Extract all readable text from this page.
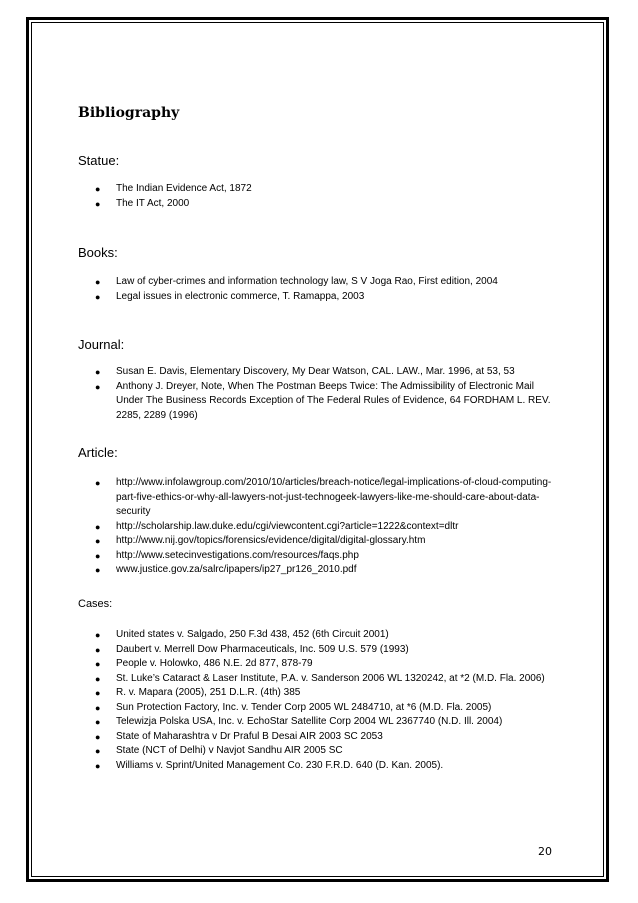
Bibliography
Statue:
● The Indian Evidence Act, 1872
● The IT Act, 2000
Books:
● Law of cyber-crimes and information technology law, S V Joga Rao, First edition, 2004
● Legal issues in electronic commerce, T. Ramappa, 2003
Journal:
● Susan E. Davis, Elementary Discovery, My Dear Watson, CAL. LAW., Mar. 1996, at 53, 53
● Anthony J. Dreyer, Note, When The Postman Beeps Twice: The Admissibility of Electronic Mail Under The Business Records Exception of The Federal Rules of Evidence, 64 FORDHAM L. REV. 2285, 2289 (1996)
Article:
● http://www.infolawgroup.com/2010/10/articles/breach-notice/legal-implications-of-cloud-computing-part-five-ethics-or-why-all-lawyers-not-just-technogeek-lawyers-like-me-should-care-about-data-security
● http://scholarship.law.duke.edu/cgi/viewcontent.cgi?article=1222&context=dltr
● http://www.nij.gov/topics/forensics/evidence/digital/digital-glossary.htm
● http://www.setecinvestigations.com/resources/faqs.php
● www.justice.gov.za/salrc/ipapers/ip27_pr126_2010.pdf
Cases:
● United states v. Salgado, 250 F.3d 438, 452 (6th Circuit 2001)
● Daubert v. Merrell Dow Pharmaceuticals, Inc. 509 U.S. 579 (1993)
● People v. Holowko, 486 N.E. 2d 877, 878-79
● St. Luke’s Cataract & Laser Institute, P.A. v. Sanderson 2006 WL 1320242, at *2 (M.D. Fla. 2006)
● R. v. Mapara (2005), 251 D.L.R. (4th) 385
● Sun Protection Factory, Inc. v. Tender Corp 2005 WL 2484710, at *6 (M.D. Fla. 2005)
● Telewizja Polska USA, Inc. v. EchoStar Satellite Corp 2004 WL 2367740 (N.D. Ill. 2004)
● State of Maharashtra v Dr Praful B Desai AIR 2003 SC 2053
● State (NCT of Delhi) v Navjot Sandhu AIR 2005 SC
● Williams v. Sprint/United Management Co. 230 F.R.D. 640 (D. Kan. 2005).
20
